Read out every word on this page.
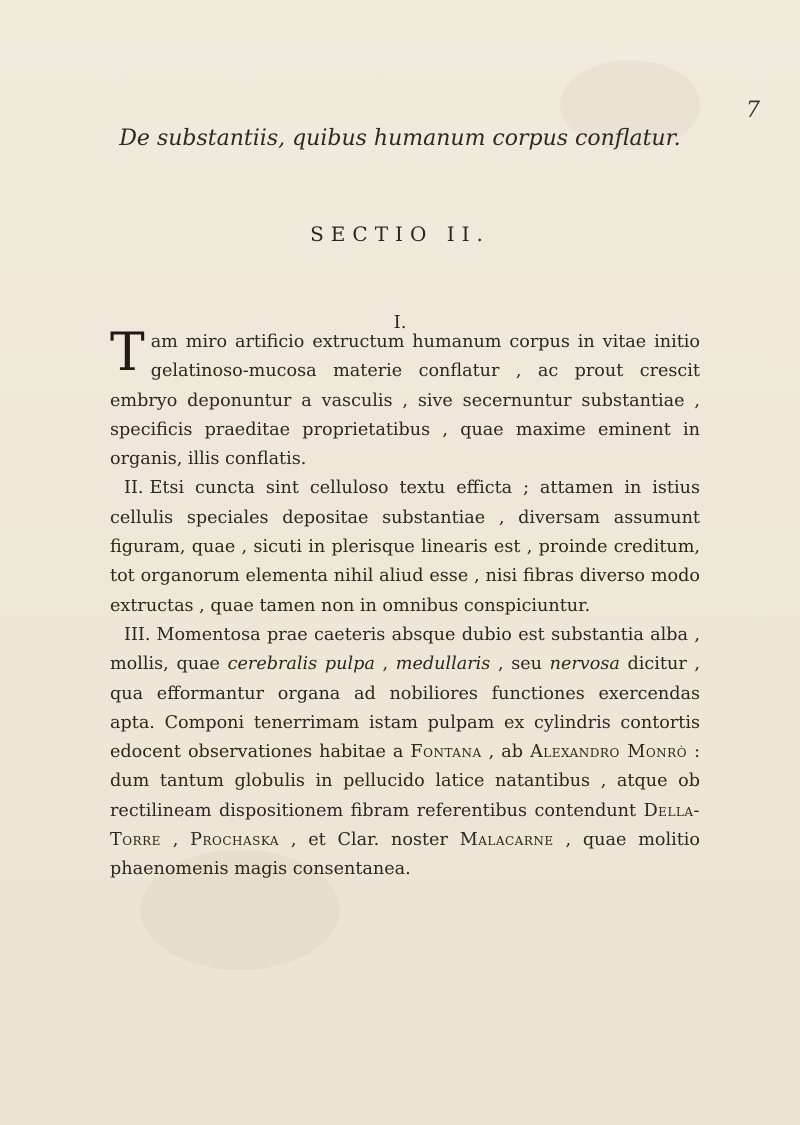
7
De substantiis, quibus humanum corpus conflatur.
SECTIO II.
I.

Tam miro artificio extructum humanum corpus in vitae initio gelatinoso-mucosa materie conflatur , ac prout crescit embryo deponuntur a vasculis , sive secernuntur substantiae , specificis praeditae proprietatibus , quae maxime eminent in organis, illis conflatis.

II. Etsi cuncta sint celluloso textu efficta ; attamen in istius cellulis speciales depositae substantiae , diversam assumunt figuram, quae , sicuti in plerisque linearis est , proinde creditum, tot organorum elementa nihil aliud esse , nisi fibras diverso modo extructas , quae tamen non in omnibus conspiciuntur.

III. Momentosa prae caeteris absque dubio est substantia alba , mollis, quae cerebralis pulpa , medullaris , seu nervosa dicitur , qua efformantur organa ad nobiliores functiones exercendas apta. Componi tenerrimam istam pulpam ex cylindris contortis edocent observationes habitae a Fontana , ab Alexandro Monrò : dum tantum globulis in pellucido latice natantibus , atque ob rectilineam dispositionem fibram referentibus contendunt Della-Torre , Prochaska , et Clar. noster Malacarne , quae molitio phaenomenis magis consentanea.
